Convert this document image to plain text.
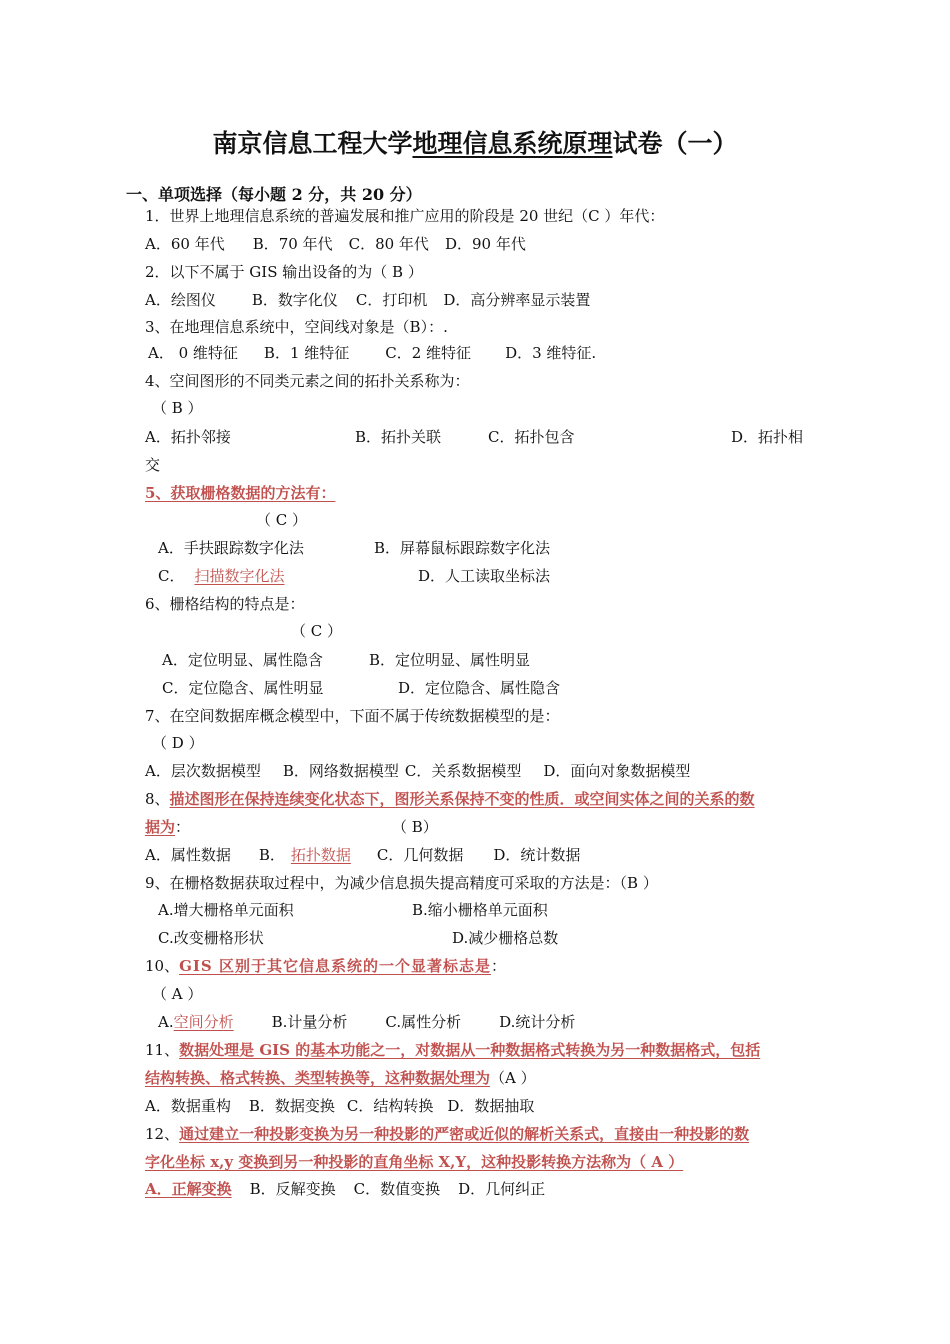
南京信息工程大学地理信息系统原理试卷（一）
一、单项选择（每小题 2 分，共 20 分）
1．世界上地理信息系统的普遍发展和推广应用的阶段是 20 世纪（C ）年代：
A．60 年代 B．70 年代 C．80 年代 D．90 年代
2．以下不属于 GIS 输出设备的为（ B ）
A．绘图仪 B．数字化仪 C．打印机 D．高分辨率显示装置
3、在地理信息系统中，空间线对象是（B）：.
A． 0 维特征 B．1 维特征 C．2 维特征 D．3 维特征.
4、空间图形的不同类元素之间的拓扑关系称为：
（ B ）
A．拓扑邻接	B．拓扑关联	C．拓扑包含	D．拓扑相
交
5、获取栅格数据的方法有：
（ C ）
A．手扶跟踪数字化法	B．屏幕鼠标跟踪数字化法
C． 扫描数字化法	D．人工读取坐标法
6、栅格结构的特点是：
（ C ）
A．定位明显、属性隐含	B．定位明显、属性明显
C．定位隐含、属性明显	D．定位隐含、属性隐含
7、在空间数据库概念模型中，下面不属于传统数据模型的是：
（ D ）
A．层次数据模型 B．网络数据模型 C．关系数据模型 D．面向对象数据模型
8、描述图形在保持连续变化状态下，图形关系保持不变的性质．或空间实体之间的关系的数
据为：	（ B）
A．属性数据 B． 拓扑数据 C．几何数据 D．统计数据
9、在栅格数据获取过程中，为减少信息损失提高精度可采取的方法是：（B ）
A.增大栅格单元面积	B.缩小栅格单元面积
C.改变栅格形状	D.减少栅格总数
10、GIS 区别于其它信息系统的一个显著标志是：
（ A ）
A.空间分析	B.计量分析	C.属性分析	D.统计分析
11、数据处理是 GIS 的基本功能之一，对数据从一种数据格式转换为另一种数据格式，包括
结构转换、格式转换、类型转换等，这种数据处理为（A ）
A．数据重构 B．数据变换 C．结构转换 D．数据抽取
12、通过建立一种投影变换为另一种投影的严密或近似的解析关系式，直接由一种投影的数
字化坐标 x,y 变换到另一种投影的直角坐标 X,Y，这种投影转换方法称为（ A ）
A．正解变换 B．反解变换 C．数值变换 D．几何纠正
